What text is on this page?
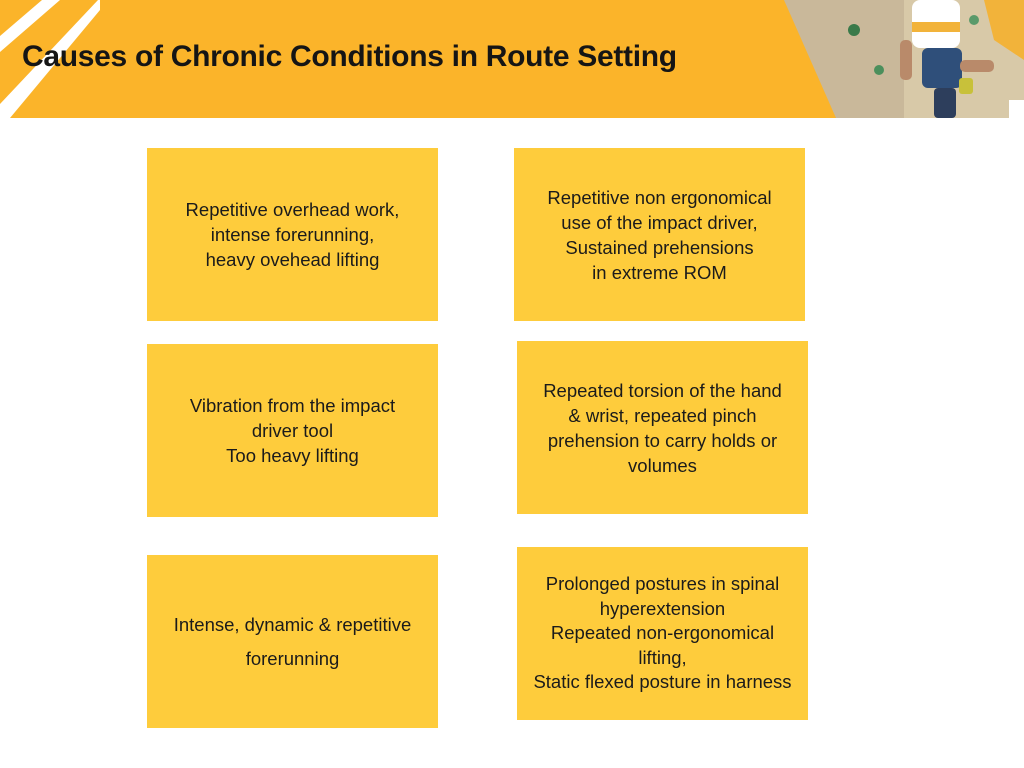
Causes of Chronic Conditions in Route Setting
Repetitive overhead work,
intense forerunning,
heavy ovehead lifting
Repetitive non ergonomical
use of the impact driver,
Sustained prehensions
in extreme ROM
Vibration from the impact
driver tool
Too heavy lifting
Repeated torsion of the hand
& wrist, repeated pinch
prehension to carry holds or
volumes
Intense, dynamic & repetitive
forerunning
Prolonged postures in spinal
hyperextension
Repeated non-ergonomical
lifting,
Static flexed posture in harness
